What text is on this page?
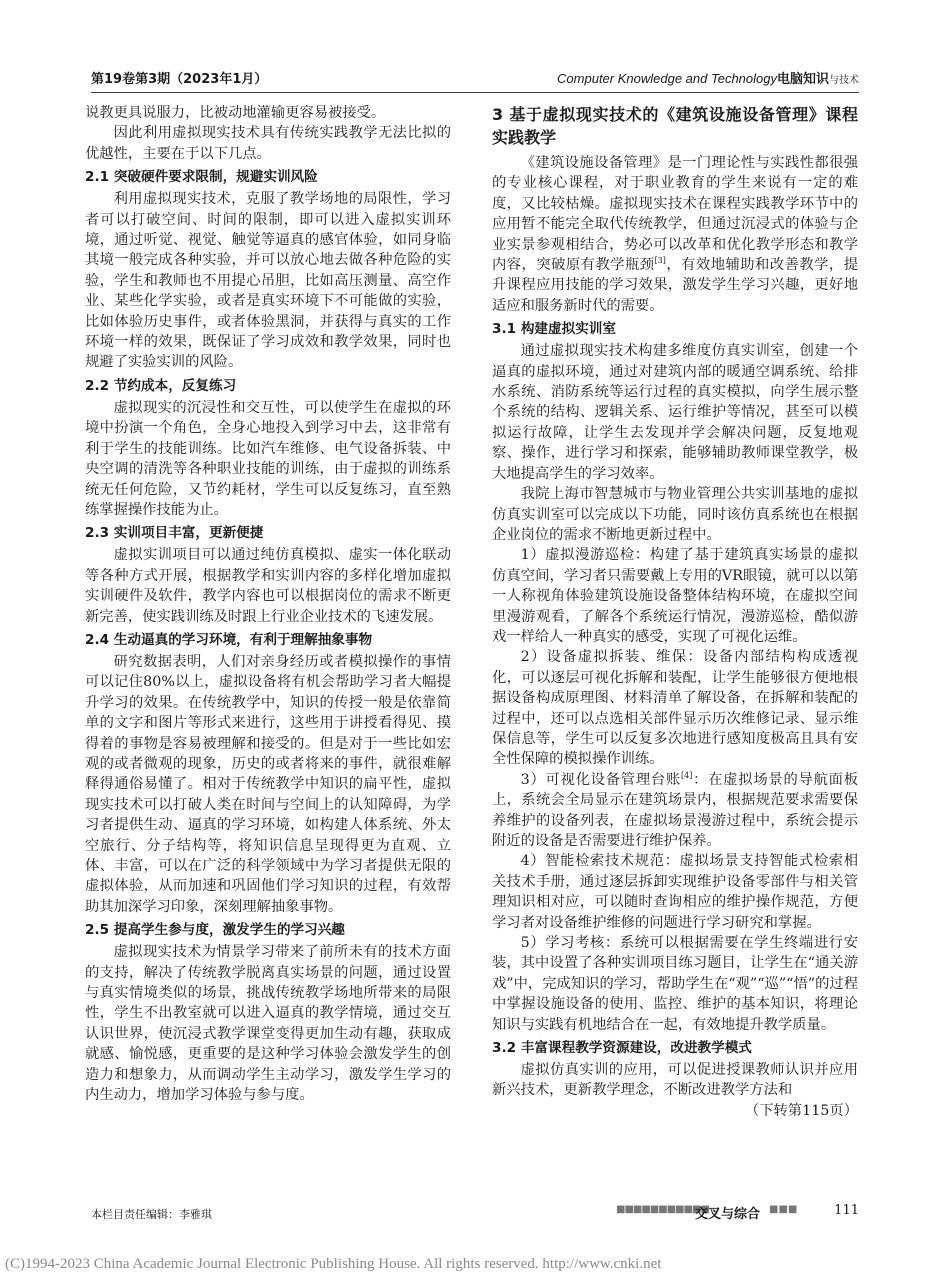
第19卷第3期（2023年1月）	Computer Knowledge and Technology电脑知识与技术

说教更具说服力，比被动地灌输更容易被接受。

因此利用虚拟现实技术具有传统实践教学无法比拟的优越性，主要在于以下几点。

2.1 突破硬件要求限制，规避实训风险

利用虚拟现实技术，克服了教学场地的局限性，学习者可以打破空间、时间的限制，即可以进入虚拟实训环境，通过听觉、视觉、触觉等逼真的感官体验，如同身临其境一般完成各种实验，并可以放心地去做各种危险的实验，学生和教师也不用提心吊胆，比如高压测量、高空作业、某些化学实验，或者是真实环境下不可能做的实验，比如体验历史事件，或者体验黑洞，并获得与真实的工作环境一样的效果，既保证了学习成效和教学效果，同时也规避了实验实训的风险。

2.2 节约成本，反复练习

虚拟现实的沉浸性和交互性，可以使学生在虚拟的环境中扮演一个角色，全身心地投入到学习中去，这非常有利于学生的技能训练。比如汽车维修、电气设备拆装、中央空调的清洗等各种职业技能的训练，由于虚拟的训练系统无任何危险，又节约耗材，学生可以反复练习，直至熟练掌握操作技能为止。

2.3 实训项目丰富，更新便捷

虚拟实训项目可以通过纯仿真模拟、虚实一体化联动等各种方式开展，根据教学和实训内容的多样化增加虚拟实训硬件及软件，教学内容也可以根据岗位的需求不断更新完善，使实践训练及时跟上行业企业技术的飞速发展。

2.4 生动逼真的学习环境，有利于理解抽象事物

研究数据表明，人们对亲身经历或者模拟操作的事情可以记住80%以上，虚拟设备将有机会帮助学习者大幅提升学习的效果。在传统教学中，知识的传授一般是依靠简单的文字和图片等形式来进行，这些用于讲授看得见、摸得着的事物是容易被理解和接受的。但是对于一些比如宏观的或者微观的现象，历史的或者将来的事件，就很难解释得通俗易懂了。相对于传统教学中知识的扁平性，虚拟现实技术可以打破人类在时间与空间上的认知障碍，为学习者提供生动、逼真的学习环境，如构建人体系统、外太空旅行、分子结构等，将知识信息呈现得更为直观、立体、丰富，可以在广泛的科学领域中为学习者提供无限的虚拟体验，从而加速和巩固他们学习知识的过程，有效帮助其加深学习印象，深刻理解抽象事物。

2.5 提高学生参与度，激发学生的学习兴趣

虚拟现实技术为情景学习带来了前所未有的技术方面的支持，解决了传统教学脱离真实场景的问题，通过设置与真实情境类似的场景，挑战传统教学场地所带来的局限性，学生不出教室就可以进入逼真的教学情境，通过交互认识世界，使沉浸式教学课堂变得更加生动有趣，获取成就感、愉悦感，更重要的是这种学习体验会激发学生的创造力和想象力，从而调动学生主动学习，激发学生学习的内生动力，增加学习体验与参与度。

3 基于虚拟现实技术的《建筑设施设备管理》课程实践教学

《建筑设施设备管理》是一门理论性与实践性都很强的专业核心课程，对于职业教育的学生来说有一定的难度，又比较枯燥。虚拟现实技术在课程实践教学环节中的应用暂不能完全取代传统教学，但通过沉浸式的体验与企业实景参观相结合，势必可以改革和优化教学形态和教学内容，突破原有教学瓶颈[3]，有效地辅助和改善教学，提升课程应用技能的学习效果，激发学生学习兴趣，更好地适应和服务新时代的需要。

3.1 构建虚拟实训室

通过虚拟现实技术构建多维度仿真实训室，创建一个逼真的虚拟环境，通过对建筑内部的暖通空调系统、给排水系统、消防系统等运行过程的真实模拟，向学生展示整个系统的结构、逻辑关系、运行维护等情况，甚至可以模拟运行故障，让学生去发现并学会解决问题，反复地观察、操作，进行学习和探索，能够辅助教师课堂教学，极大地提高学生的学习效率。

我院上海市智慧城市与物业管理公共实训基地的虚拟仿真实训室可以完成以下功能，同时该仿真系统也在根据企业岗位的需求不断地更新过程中。

1）虚拟漫游巡检：构建了基于建筑真实场景的虚拟仿真空间，学习者只需要戴上专用的VR眼镜，就可以以第一人称视角体验建筑设施设备整体结构环境，在虚拟空间里漫游观看，了解各个系统运行情况，漫游巡检，酷似游戏一样给人一种真实的感受，实现了可视化运维。

2）设备虚拟拆装、维保：设备内部结构构成透视化，可以逐层可视化拆解和装配，让学生能够很方便地根据设备构成原理图、材料清单了解设备，在拆解和装配的过程中，还可以点选相关部件显示历次维修记录、显示维保信息等，学生可以反复多次地进行感知度极高且具有安全性保障的模拟操作训练。

3）可视化设备管理台账[4]：在虚拟场景的导航面板上，系统会全局显示在建筑场景内，根据规范要求需要保养维护的设备列表，在虚拟场景漫游过程中，系统会提示附近的设备是否需要进行维护保养。

4）智能检索技术规范：虚拟场景支持智能式检索相关技术手册，通过逐层拆卸实现维护设备零部件与相关管理知识相对应，可以随时查询相应的维护操作规范，方便学习者对设备维护维修的问题进行学习研究和掌握。

5）学习考核：系统可以根据需要在学生终端进行安装，其中设置了各种实训项目练习题目，让学生在“通关游戏”中，完成知识的学习，帮助学生在“观”“巡”“悟”的过程中掌握设施设备的使用、监控、维护的基本知识，将理论知识与实践有机地结合在一起，有效地提升教学质量。

3.2 丰富课程教学资源建设，改进教学模式

虚拟仿真实训的应用，可以促进授课教师认识并应用新兴技术，更新教学理念，不断改进教学方法和

（下转第115页）
本栏目责任编辑：李雅琪	■■■■■■■■■■■
交叉与综合 ■■■	111
(C)1994-2023 China Academic Journal Electronic Publishing House. All rights reserved. http://www.cnki.net
